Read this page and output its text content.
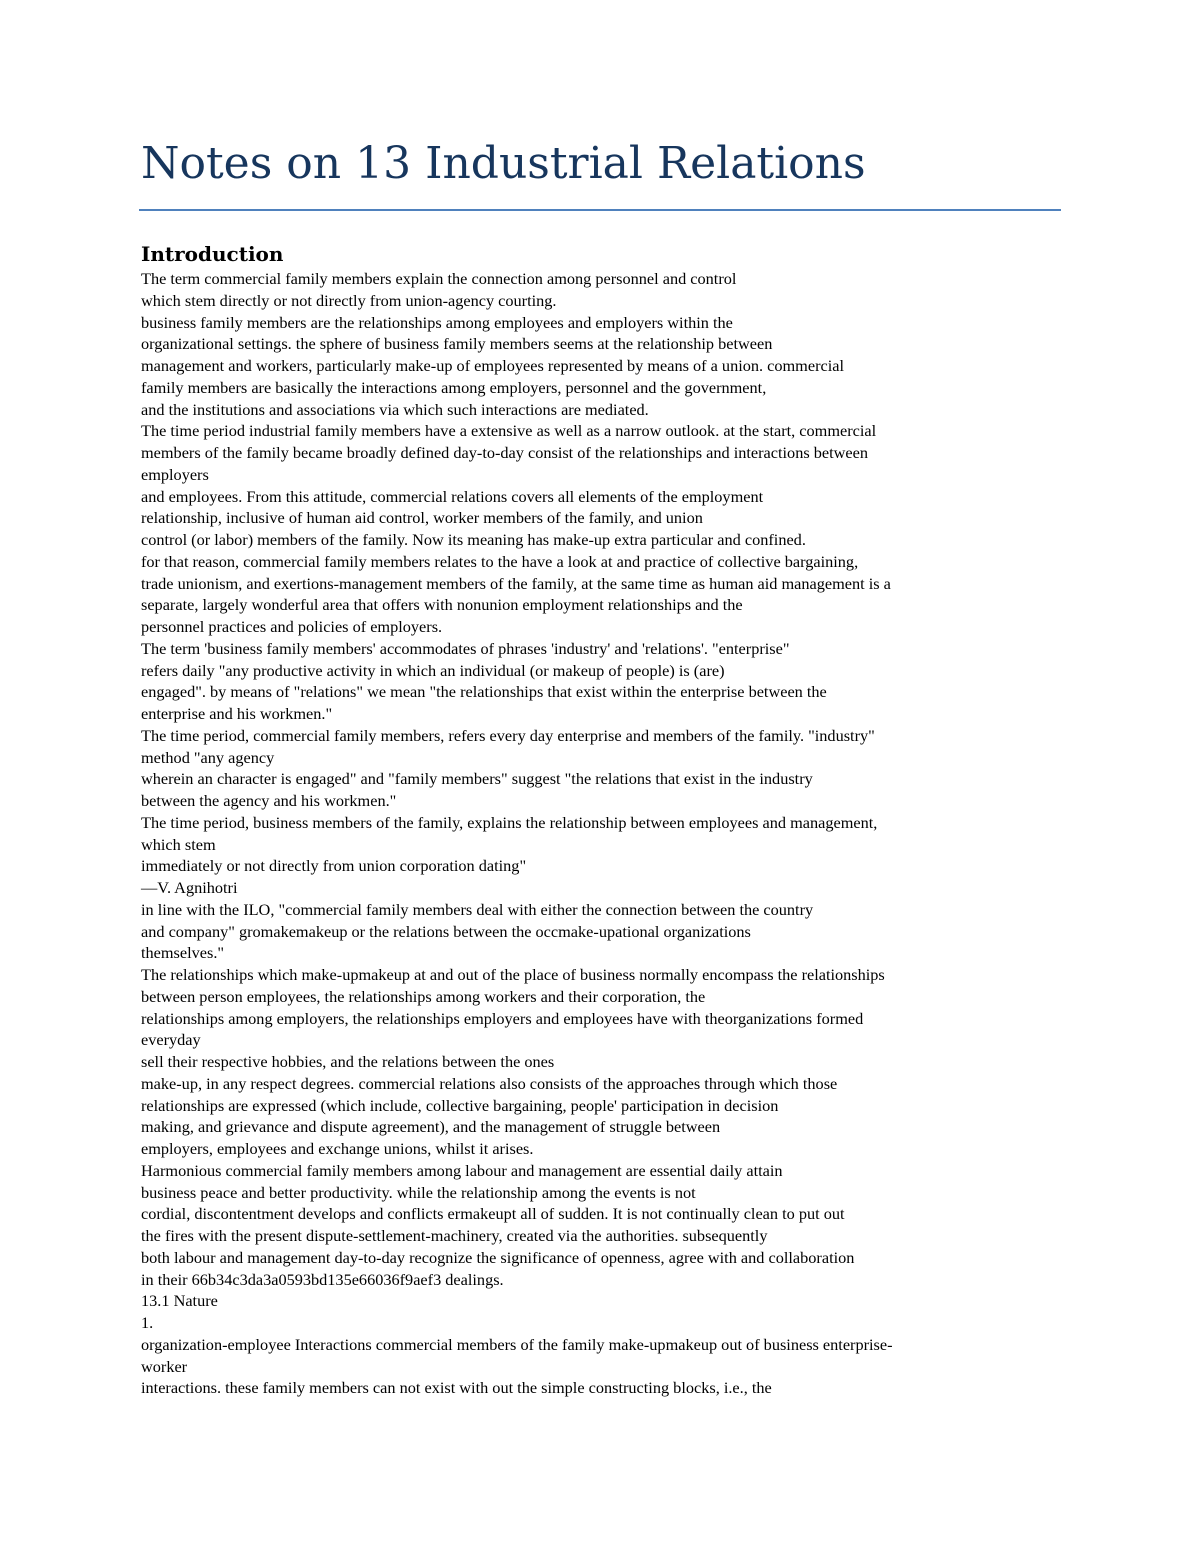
Notes on 13 Industrial Relations
Introduction
The term commercial family members explain the connection among personnel and control
which stem directly or not directly from union-agency courting.
business family members are the relationships among employees and employers within the
organizational settings. the sphere of business family members seems at the relationship between
management and workers, particularly make-up of employees represented by means of a union. commercial
family members are basically the interactions among employers, personnel and the government,
and the institutions and associations via which such interactions are mediated.
The time period industrial family members have a extensive as well as a narrow outlook. at the start, commercial
members of the family became broadly defined day-to-day consist of the relationships and interactions between
employers
and employees. From this attitude, commercial relations covers all elements of the employment
relationship, inclusive of human aid control, worker members of the family, and union
control (or labor) members of the family. Now its meaning has make-up extra particular and confined.
for that reason, commercial family members relates to the have a look at and practice of collective bargaining,
trade unionism, and exertions-management members of the family, at the same time as human aid management is a
separate, largely wonderful area that offers with nonunion employment relationships and the
personnel practices and policies of employers.
The term 'business family members' accommodates of phrases 'industry' and 'relations'. "enterprise"
refers daily "any productive activity in which an individual (or makeup of people) is (are)
engaged". by means of "relations" we mean "the relationships that exist within the enterprise between the
enterprise and his workmen."
The time period, commercial family members, refers every day enterprise and members of the family. "industry"
method "any agency
wherein an character is engaged" and "family members" suggest "the relations that exist in the industry
between the agency and his workmen."
The time period, business members of the family, explains the relationship between employees and management,
which stem
immediately or not directly from union corporation dating"
—V. Agnihotri
in line with the ILO, "commercial family members deal with either the connection between the country
and company" gromakemakeup or the relations between the occmake-upational organizations
themselves."
The relationships which make-upmakeup at and out of the place of business normally encompass the relationships
between person employees, the relationships among workers and their corporation, the
relationships among employers, the relationships employers and employees have with theorganizations formed
everyday
sell their respective hobbies, and the relations between the ones
make-up, in any respect degrees. commercial relations also consists of the approaches through which those
relationships are expressed (which include, collective bargaining, people' participation in decision
making, and grievance and dispute agreement), and the management of struggle between
employers, employees and exchange unions, whilst it arises.
Harmonious commercial family members among labour and management are essential daily attain
business peace and better productivity. while the relationship among the events is not
cordial, discontentment develops and conflicts ermakeupt all of sudden. It is not continually clean to put out
the fires with the present dispute-settlement-machinery, created via the authorities. subsequently
both labour and management day-to-day recognize the significance of openness, agree with and collaboration
in their 66b34c3da3a0593bd135e66036f9aef3 dealings.
13.1 Nature
1.
organization-employee Interactions commercial members of the family make-upmakeup out of business enterprise-
worker
interactions. these family members can not exist with out the simple constructing blocks, i.e., the
